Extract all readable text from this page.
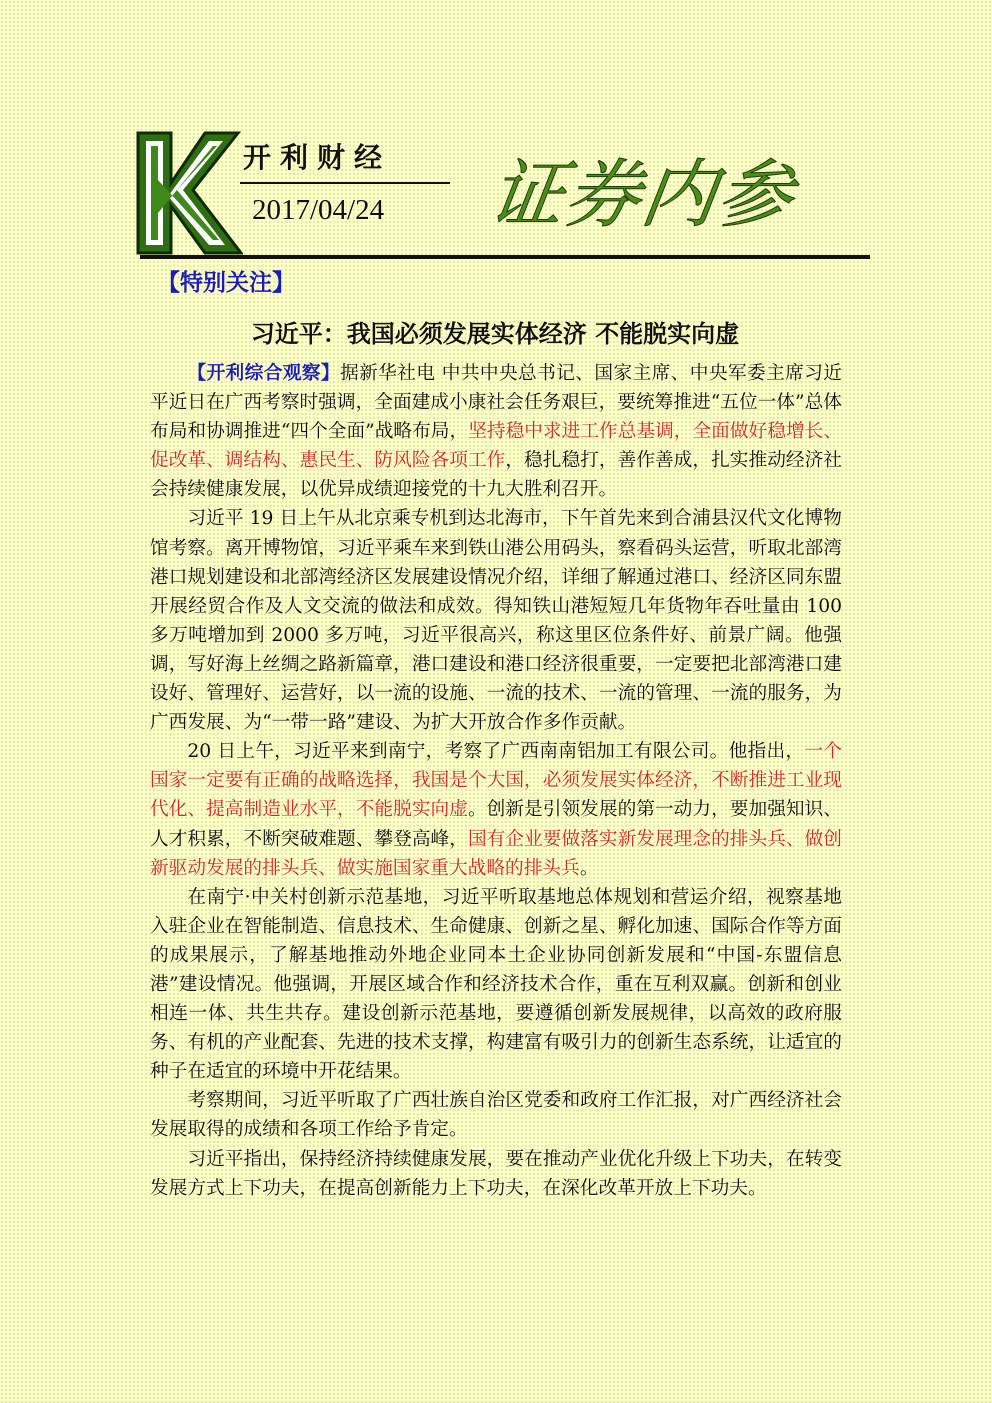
开利财经
2017/04/24 证券内参
【特别关注】
习近平：我国必须发展实体经济 不能脱实向虚

【开利综合观察】据新华社电 中共中央总书记、国家主席、中央军委主席习近平近日在广西考察时强调，全面建成小康社会任务艰巨，要统筹推进“五位一体”总体布局和协调推进“四个全面”战略布局，坚持稳中求进工作总基调，全面做好稳增长、促改革、调结构、惠民生、防风险各项工作，稳扎稳打，善作善成，扎实推动经济社会持续健康发展，以优异成绩迎接党的十九大胜利召开。

习近平 19 日上午从北京乘专机到达北海市，下午首先来到合浦县汉代文化博物馆考察。离开博物馆，习近平乘车来到铁山港公用码头，察看码头运营，听取北部湾港口规划建设和北部湾经济区发展建设情况介绍，详细了解通过港口、经济区同东盟开展经贸合作及人文交流的做法和成效。得知铁山港短短几年货物年吞吐量由 100 多万吨增加到 2000 多万吨，习近平很高兴，称这里区位条件好、前景广阔。他强调，写好海上丝绸之路新篇章，港口建设和港口经济很重要，一定要把北部湾港口建设好、管理好、运营好，以一流的设施、一流的技术、一流的管理、一流的服务，为广西发展、为“一带一路”建设、为扩大开放合作多作贡献。

20 日上午，习近平来到南宁，考察了广西南南铝加工有限公司。他指出，一个国家一定要有正确的战略选择，我国是个大国，必须发展实体经济，不断推进工业现代化、提高制造业水平，不能脱实向虚。创新是引领发展的第一动力，要加强知识、人才积累，不断突破难题、攀登高峰，国有企业要做落实新发展理念的排头兵、做创新驱动发展的排头兵、做实施国家重大战略的排头兵。

在南宁·中关村创新示范基地，习近平听取基地总体规划和营运介绍，视察基地入驻企业在智能制造、信息技术、生命健康、创新之星、孵化加速、国际合作等方面的成果展示，了解基地推动外地企业同本土企业协同创新发展和“中国-东盟信息港”建设情况。他强调，开展区域合作和经济技术合作，重在互利双赢。创新和创业相连一体、共生共存。建设创新示范基地，要遵循创新发展规律，以高效的政府服务、有机的产业配套、先进的技术支撑，构建富有吸引力的创新生态系统，让适宜的种子在适宜的环境中开花结果。

考察期间，习近平听取了广西壮族自治区党委和政府工作汇报，对广西经济社会发展取得的成绩和各项工作给予肯定。

习近平指出，保持经济持续健康发展，要在推动产业优化升级上下功夫，在转变发展方式上下功夫，在提高创新能力上下功夫，在深化改革开放上下功夫。
